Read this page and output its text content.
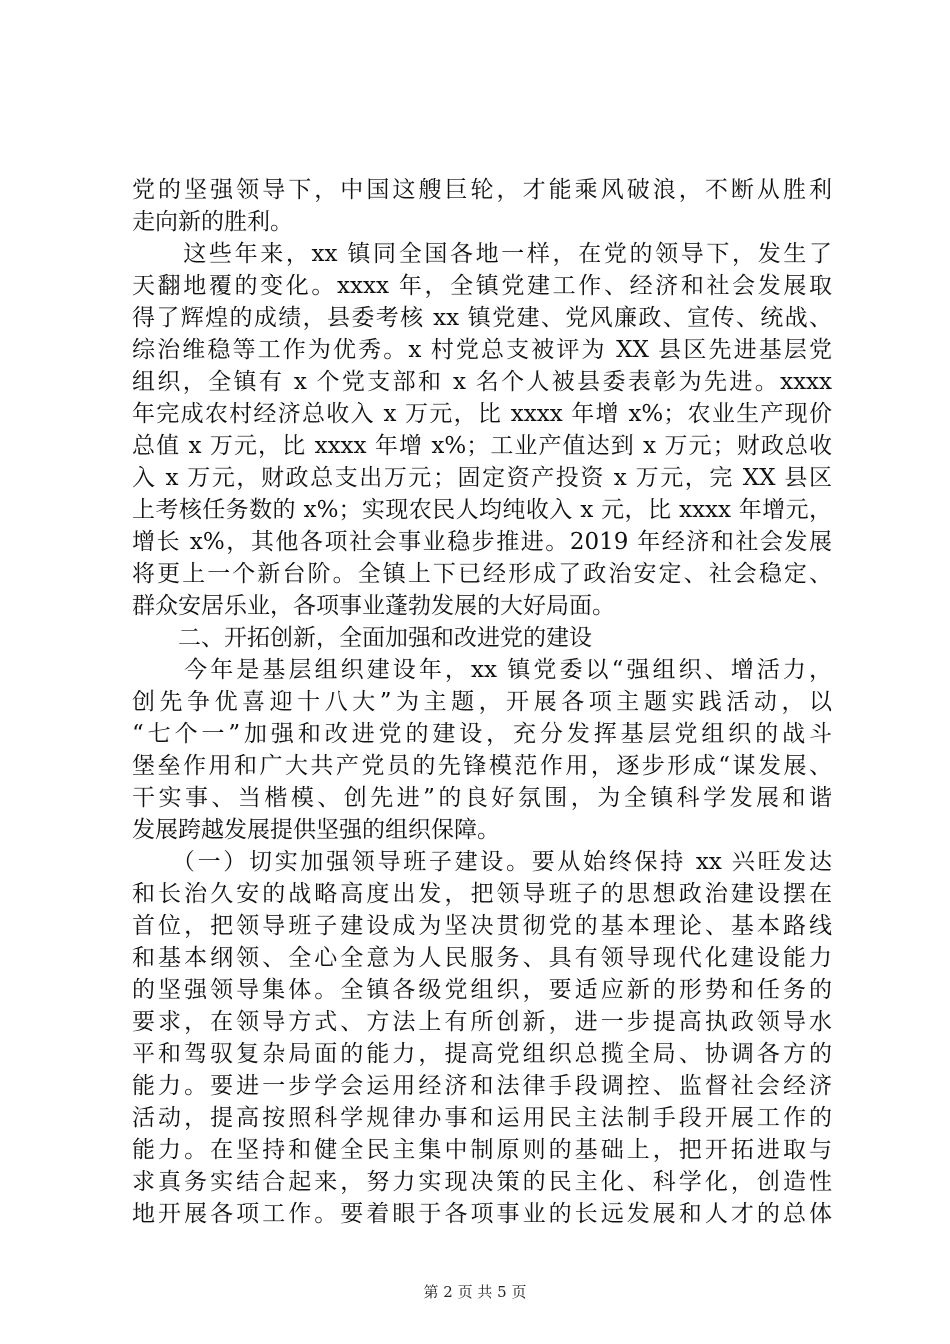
党的坚强领导下，中国这艘巨轮，才能乘风破浪，不断从胜利
走向新的胜利。
　　这些年来，xx 镇同全国各地一样，在党的领导下，发生了
天翻地覆的变化。xxxx 年，全镇党建工作、经济和社会发展取
得了辉煌的成绩，县委考核 xx 镇党建、党风廉政、宣传、统战、
综治维稳等工作为优秀。x 村党总支被评为 XX 县区先进基层党
组织，全镇有 x 个党支部和 x 名个人被县委表彰为先进。xxxx
年完成农村经济总收入 x 万元，比 xxxx 年增 x%；农业生产现价
总值 x 万元，比 xxxx 年增 x%；工业产值达到 x 万元；财政总收
入 x 万元，财政总支出万元；固定资产投资 x 万元，完 XX 县区
上考核任务数的 x%；实现农民人均纯收入 x 元，比 xxxx 年增元，
增长 x%，其他各项社会事业稳步推进。2019 年经济和社会发展
将更上一个新台阶。全镇上下已经形成了政治安定、社会稳定、
群众安居乐业，各项事业蓬勃发展的大好局面。
　　二、开拓创新，全面加强和改进党的建设
　　今年是基层组织建设年，xx 镇党委以“强组织、增活力，
创先争优喜迎十八大”为主题，开展各项主题实践活动，以
“七个一”加强和改进党的建设，充分发挥基层党组织的战斗
堡垒作用和广大共产党员的先锋模范作用，逐步形成“谋发展、
干实事、当楷模、创先进”的良好氛围，为全镇科学发展和谐
发展跨越发展提供坚强的组织保障。
　　（一）切实加强领导班子建设。要从始终保持 xx 兴旺发达
和长治久安的战略高度出发，把领导班子的思想政治建设摆在
首位，把领导班子建设成为坚决贯彻党的基本理论、基本路线
和基本纲领、全心全意为人民服务、具有领导现代化建设能力
的坚强领导集体。全镇各级党组织，要适应新的形势和任务的
要求，在领导方式、方法上有所创新，进一步提高执政领导水
平和驾驭复杂局面的能力，提高党组织总揽全局、协调各方的
能力。要进一步学会运用经济和法律手段调控、监督社会经济
活动，提高按照科学规律办事和运用民主法制手段开展工作的
能力。在坚持和健全民主集中制原则的基础上，把开拓进取与
求真务实结合起来，努力实现决策的民主化、科学化，创造性
地开展各项工作。要着眼于各项事业的长远发展和人才的总体
第 2 页 共 5 页
